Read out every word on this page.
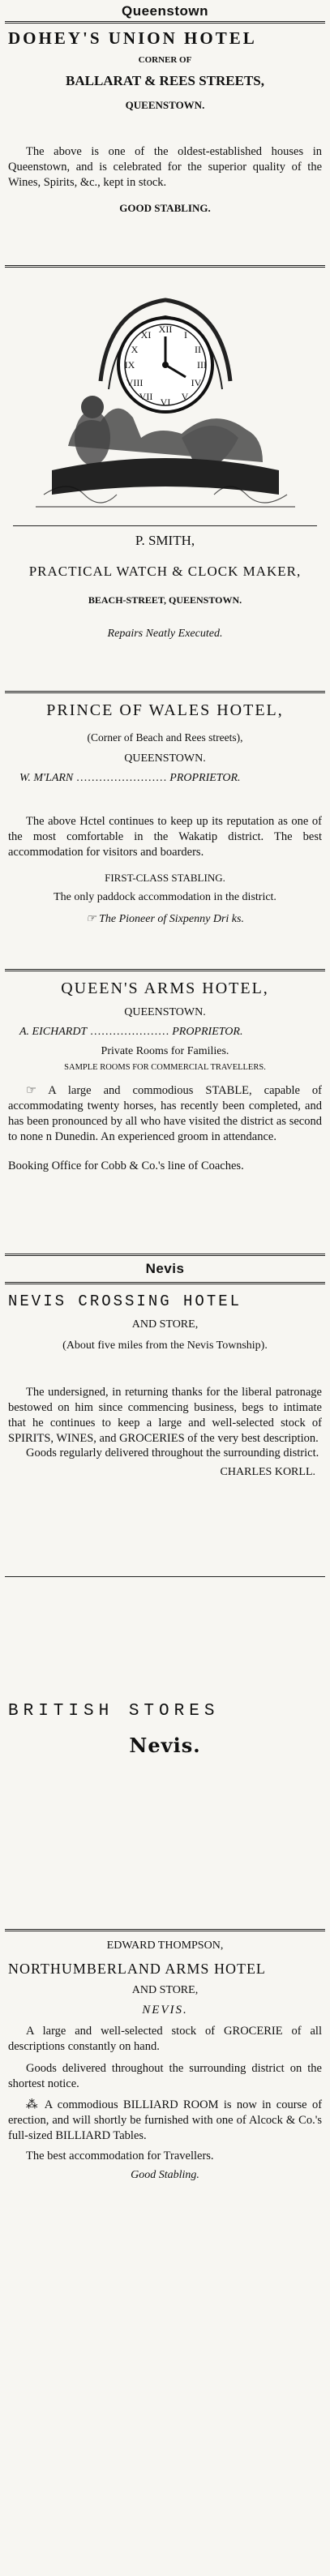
Queenstown
DOHEY'S UNION HOTEL
CORNER OF
BALLARAT & REES STREETS,
QUEENSTOWN.

The above is one of the oldest-established houses in Queenstown, and is celebrated for the superior quality of the Wines, Spirits, &c., kept in stock.

GOOD STABLING.
XII I
II
III
IV
V
VI
VII
VIII
IX
X
XI
P. SMITH,
PRACTICAL WATCH & CLOCK MAKER,
BEACH-STREET, QUEENSTOWN.
Repairs Neatly Executed.
PRINCE OF WALES HOTEL,
(Corner of Beach and Rees streets),
QUEENSTOWN.
W. M'LARN …………………… PROPRIETOR.

The above Hctel continues to keep up its reputation as one of the most comfortable in the Wakatip district. The best accommodation for visitors and boarders.

FIRST-CLASS STABLING.
The only paddock accommodation in the district.
☞ The Pioneer of Sixpenny Dri ks.
QUEEN'S ARMS HOTEL,
QUEENSTOWN.
A. EICHARDT ………………… PROPRIETOR.
Private Rooms for Families.
SAMPLE ROOMS FOR COMMERCIAL TRAVELLERS.

☞ A large and commodious STABLE, capable of accommodating twenty horses, has recently been completed, and has been pronounced by all who have visited the district as second to none n Dunedin. An experienced groom in attendance.

Booking Office for Cobb & Co.'s line of Coaches.

Nevis
NEVIS CROSSING HOTEL
AND STORE,
(About five miles from the Nevis Township).

The undersigned, in returning thanks for the liberal patronage bestowed on him since commencing business, begs to intimate that he continues to keep a large and well-selected stock of SPIRITS, WINES, and GROCERIES of the very best description.

Goods regularly delivered throughout the surrounding district.

CHARLES KORLL.
BRITISH STORES
Nevis.
EDWARD THOMPSON,
NORTHUMBERLAND ARMS HOTEL
AND STORE,
NEVIS.

A large and well-selected stock of GROCERIE of all descriptions constantly on hand.

Goods delivered throughout the surrounding district on the shortest notice.

⁂ A commodious BILLIARD ROOM is now in course of erection, and will shortly be furnished with one of Alcock & Co.'s full-sized BILLIARD Tables.

The best accommodation for Travellers.

Good Stabling.
